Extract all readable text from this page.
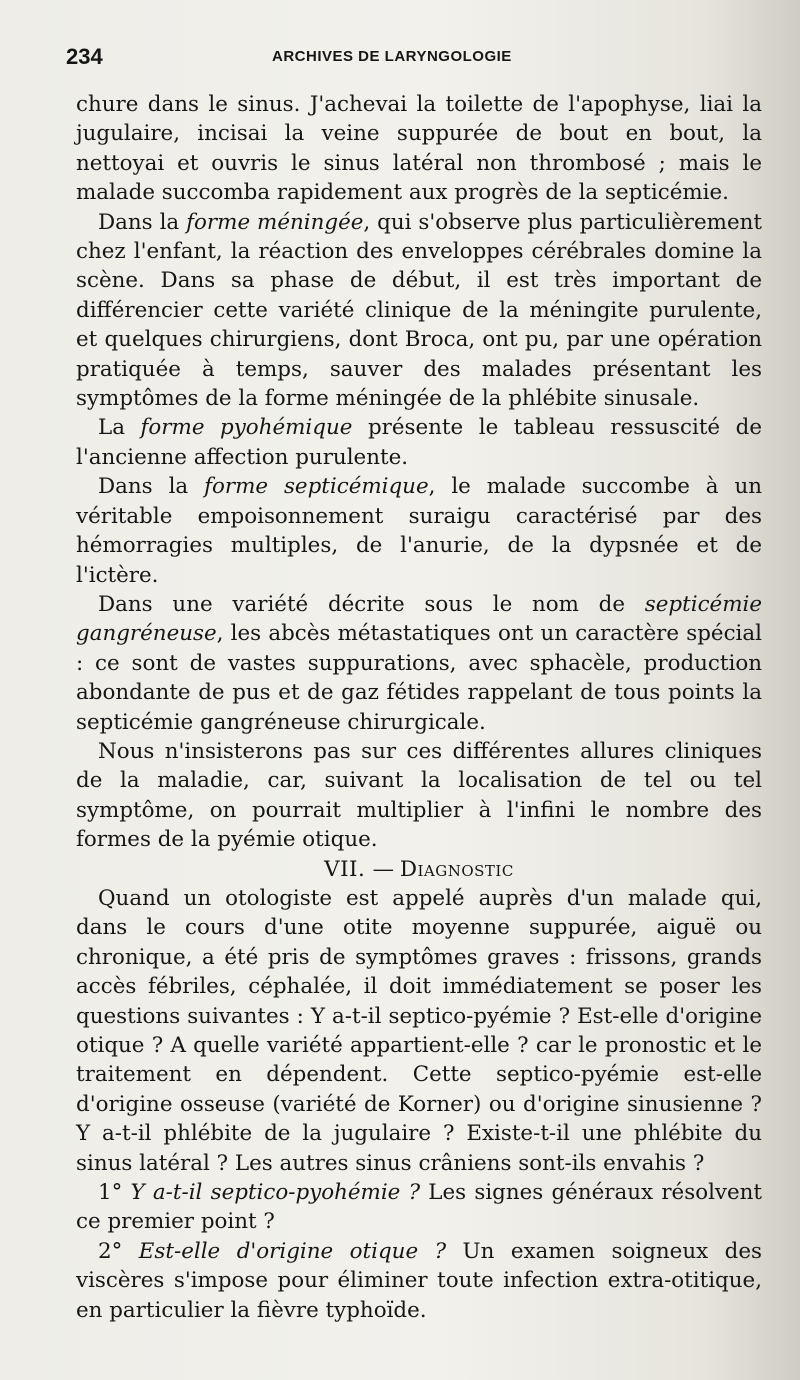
234	ARCHIVES DE LARYNGOLOGIE

chure dans le sinus. J'achevai la toilette de l'apophyse, liai la jugulaire, incisai la veine suppurée de bout en bout, la nettoyai et ouvris le sinus latéral non thrombosé ; mais le malade succomba rapidement aux progrès de la septicémie.

Dans la forme méningée, qui s'observe plus particulièrement chez l'enfant, la réaction des enveloppes cérébrales domine la scène. Dans sa phase de début, il est très important de différencier cette variété clinique de la méningite purulente, et quelques chirurgiens, dont Broca, ont pu, par une opération pratiquée à temps, sauver des malades présentant les symptômes de la forme méningée de la phlébite sinusale.

La forme pyohémique présente le tableau ressuscité de l'ancienne affection purulente.

Dans la forme septicémique, le malade succombe à un véritable empoisonnement suraigu caractérisé par des hémorragies multiples, de l'anurie, de la dypsnée et de l'ictère.

Dans une variété décrite sous le nom de septicémie gangréneuse, les abcès métastatiques ont un caractère spécial : ce sont de vastes suppurations, avec sphacèle, production abondante de pus et de gaz fétides rappelant de tous points la septicémie gangréneuse chirurgicale.

Nous n'insisterons pas sur ces différentes allures cliniques de la maladie, car, suivant la localisation de tel ou tel symptôme, on pourrait multiplier à l'infini le nombre des formes de la pyémie otique.

VII. — Diagnostic

Quand un otologiste est appelé auprès d'un malade qui, dans le cours d'une otite moyenne suppurée, aiguë ou chronique, a été pris de symptômes graves : frissons, grands accès fébriles, céphalée, il doit immédiatement se poser les questions suivantes : Y a-t-il septico-pyémie ? Est-elle d'origine otique ? A quelle variété appartient-elle ? car le pronostic et le traitement en dépendent. Cette septico-pyémie est-elle d'origine osseuse (variété de Korner) ou d'origine sinusienne ? Y a-t-il phlébite de la jugulaire ? Existe-t-il une phlébite du sinus latéral ? Les autres sinus crâniens sont-ils envahis ?

1° Y a-t-il septico-pyohémie ? Les signes généraux résolvent ce premier point ?

2° Est-elle d'origine otique ? Un examen soigneux des viscères s'impose pour éliminer toute infection extra-otitique, en particulier la fièvre typhoïde.
